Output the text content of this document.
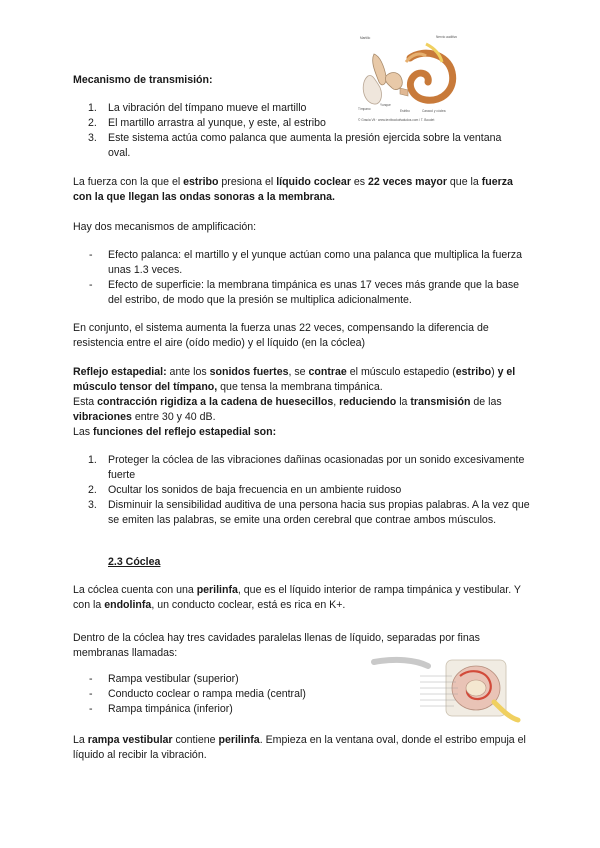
Martillo	Nervio auditivo
Tímpano
Yunque
Estribo	Caracol y cóclea
© Gracia Vlt · www.textbookofsaludos.com / T. Boudet

Mecanismo de transmisión:

1. La vibración del tímpano mueve el martillo
2. El martillo arrastra al yunque, y este, al estribo
3. Este sistema actúa como palanca que aumenta la presión ejercida sobre la ventana oval.

La fuerza con la que el estribo presiona el líquido coclear es 22 veces mayor que la fuerza con la que llegan las ondas sonoras a la membrana.

Hay dos mecanismos de amplificación:

- Efecto palanca: el martillo y el yunque actúan como una palanca que multiplica la fuerza unas 1.3 veces.
- Efecto de superficie: la membrana timpánica es unas 17 veces más grande que la base del estribo, de modo que la presión se multiplica adicionalmente.

En conjunto, el sistema aumenta la fuerza unas 22 veces, compensando la diferencia de resistencia entre el aire (oído medio) y el líquido (en la cóclea)

Reflejo estapedial: ante los sonidos fuertes, se contrae el músculo estapedio (estribo) y el músculo tensor del tímpano, que tensa la membrana timpánica.
Esta contracción rigidiza a la cadena de huesecillos, reduciendo la transmisión de las vibraciones entre 30 y 40 dB.
Las funciones del reflejo estapedial son:

1. Proteger la cóclea de las vibraciones dañinas ocasionadas por un sonido excesivamente fuerte
2. Ocultar los sonidos de baja frecuencia en un ambiente ruidoso
3. Disminuir la sensibilidad auditiva de una persona hacia sus propias palabras. A la vez que se emiten las palabras, se emite una orden cerebral que contrae ambos músculos.

2.3 Cóclea

La cóclea cuenta con una perilinfa, que es el líquido interior de rampa timpánica y vestibular. Y con la endolinfa, un conducto coclear, está es rica en K+.

Dentro de la cóclea hay tres cavidades paralelas llenas de líquido, separadas por finas membranas llamadas:

- Rampa vestibular (superior)
- Conducto coclear o rampa media (central)
- Rampa timpánica (inferior)

La rampa vestibular contiene perilinfa. Empieza en la ventana oval, donde el estribo empuja el líquido al recibir la vibración.
